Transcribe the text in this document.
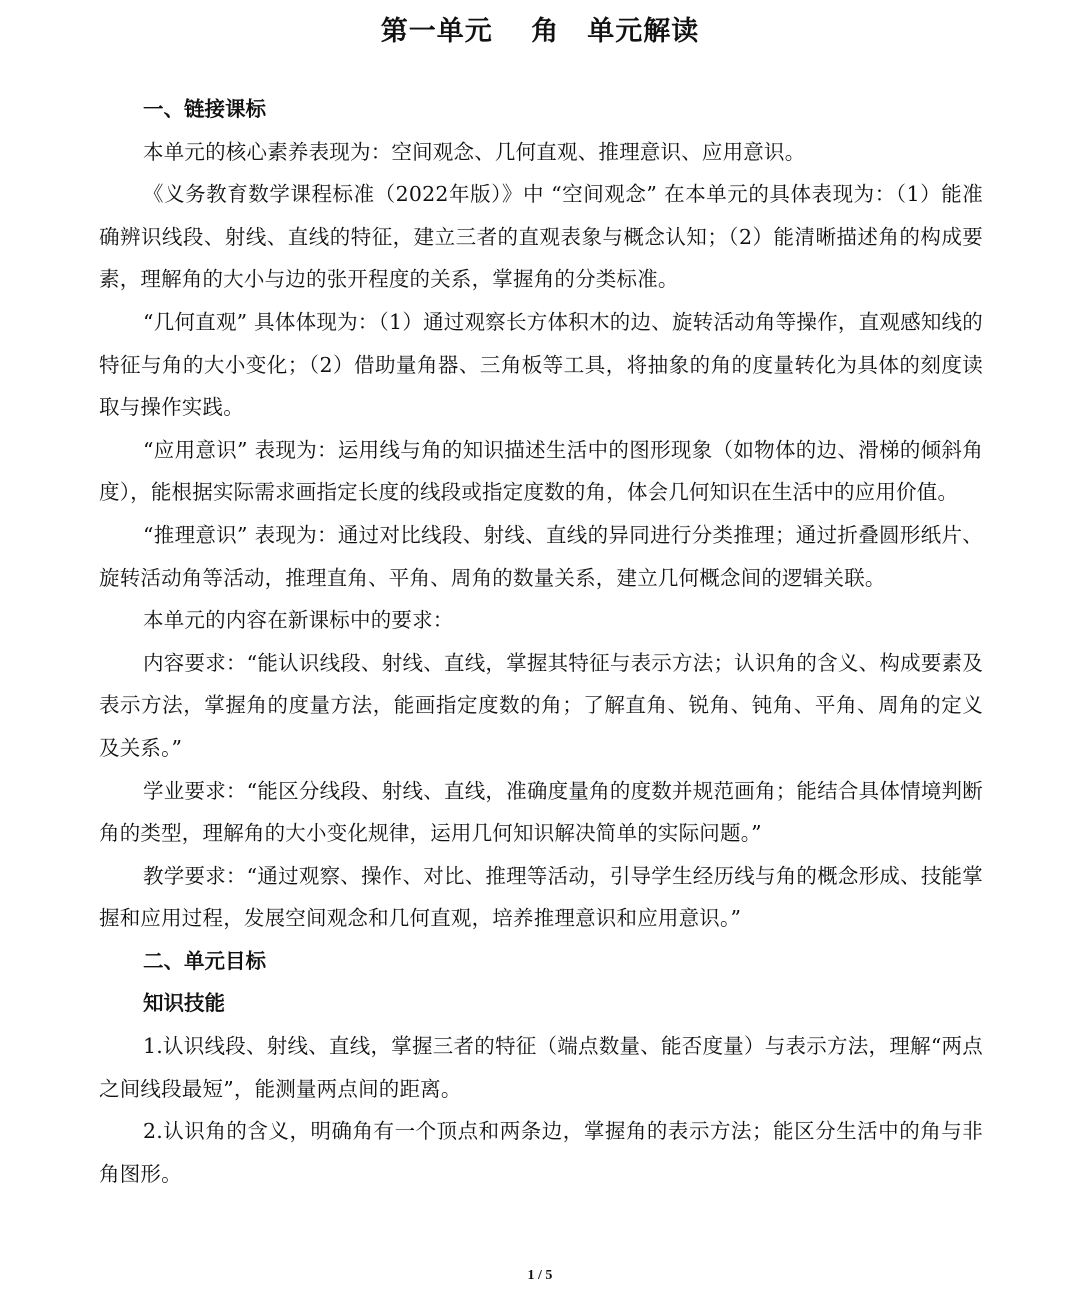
第一单元　 角　单元解读
一、链接课标

本单元的核心素养表现为：空间观念、几何直观、推理意识、应用意识。

《义务教育数学课程标准（2022年版）》中 “空间观念” 在本单元的具体表现为：（1）能准确辨识线段、射线、直线的特征，建立三者的直观表象与概念认知；（2）能清晰描述角的构成要素，理解角的大小与边的张开程度的关系，掌握角的分类标准。

“几何直观” 具体体现为：（1）通过观察长方体积木的边、旋转活动角等操作，直观感知线的特征与角的大小变化；（2）借助量角器、三角板等工具，将抽象的角的度量转化为具体的刻度读取与操作实践。

“应用意识” 表现为：运用线与角的知识描述生活中的图形现象（如物体的边、滑梯的倾斜角度），能根据实际需求画指定长度的线段或指定度数的角，体会几何知识在生活中的应用价值。

“推理意识” 表现为：通过对比线段、射线、直线的异同进行分类推理；通过折叠圆形纸片、旋转活动角等活动，推理直角、平角、周角的数量关系，建立几何概念间的逻辑关联。

本单元的内容在新课标中的要求：

内容要求：“能认识线段、射线、直线，掌握其特征与表示方法；认识角的含义、构成要素及表示方法，掌握角的度量方法，能画指定度数的角；了解直角、锐角、钝角、平角、周角的定义及关系。”

学业要求：“能区分线段、射线、直线，准确度量角的度数并规范画角；能结合具体情境判断角的类型，理解角的大小变化规律，运用几何知识解决简单的实际问题。”

教学要求：“通过观察、操作、对比、推理等活动，引导学生经历线与角的概念形成、技能掌握和应用过程，发展空间观念和几何直观，培养推理意识和应用意识。”

二、单元目标
知识技能

1.认识线段、射线、直线，掌握三者的特征（端点数量、能否度量）与表示方法，理解“两点之间线段最短”，能测量两点间的距离。

2.认识角的含义，明确角有一个顶点和两条边，掌握角的表示方法；能区分生活中的角与非角图形。

1 / 5
